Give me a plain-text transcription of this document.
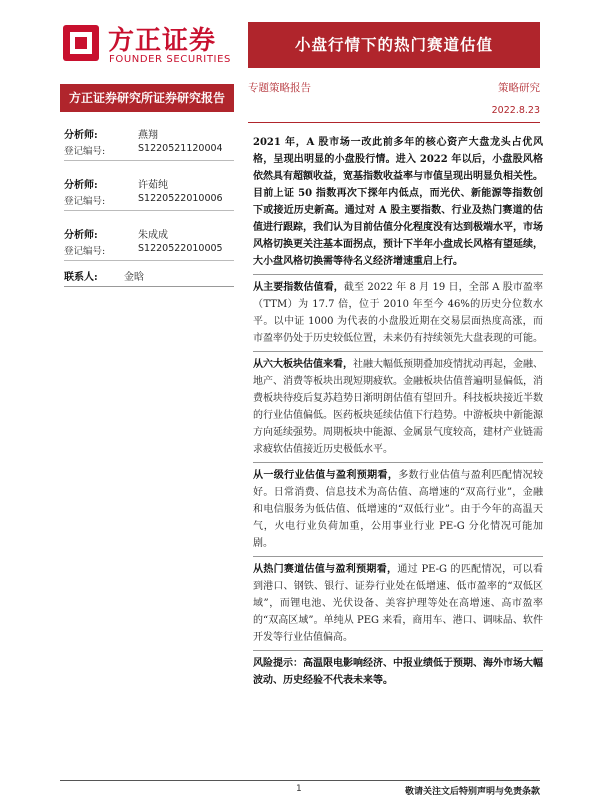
方正证券
FOUNDER SECURITIES
小盘行情下的热门赛道估值
方正证券研究所证券研究报告
专题策略报告	策略研究
2022.8.23
分析师:	燕翔
登记编号:	S1220521120004
分析师:	许茹纯
登记编号:	S1220522010006
分析师:	朱成成
登记编号:	S1220522010005
联系人:	金晗

2021 年，A 股市场一改此前多年的核心资产大盘龙头占优风格，呈现出明显的小盘股行情。进入 2022 年以后，小盘股风格依然具有超额收益，宽基指数收益率与市值呈现出明显负相关性。目前上证 50 指数再次下探年内低点，而光伏、新能源等指数创下或接近历史新高。通过对 A 股主要指数、行业及热门赛道的估值进行跟踪，我们认为目前估值分化程度没有达到极端水平，市场风格切换更关注基本面拐点，预计下半年小盘成长风格有望延续，大小盘风格切换需等待名义经济增速重启上行。

从主要指数估值看，截至 2022 年 8 月 19 日，全部 A 股市盈率（TTM）为 17.7 倍，位于 2010 年至今 46%的历史分位数水平。以中证 1000 为代表的小盘股近期在交易层面热度高涨，而市盈率仍处于历史较低位置，未来仍有持续领先大盘表现的可能。

从六大板块估值来看，社融大幅低预期叠加疫情扰动再起，金融、地产、消费等板块出现短期疲软。金融板块估值普遍明显偏低，消费板块待疫后复苏趋势日渐明朗估值有望回升。科技板块接近半数的行业估值偏低。医药板块延续估值下行趋势。中游板块中新能源方向延续强势。周期板块中能源、金属景气度较高，建材产业链需求疲软估值接近历史极低水平。

从一级行业估值与盈利预期看，多数行业估值与盈利匹配情况较好。日常消费、信息技术为高估值、高增速的“双高行业”，金融和电信服务为低估值、低增速的“双低行业”。由于今年的高温天气，火电行业负荷加重，公用事业行业 PE-G 分化情况可能加剧。

从热门赛道估值与盈利预期看，通过 PE-G 的匹配情况，可以看到港口、钢铁、银行、证券行业处在低增速、低市盈率的“双低区域”，而锂电池、光伏设备、美容护理等处在高增速、高市盈率的“双高区域”。单纯从 PEG 来看，商用车、港口、调味品、软件开发等行业估值偏高。

风险提示：高温限电影响经济、中报业绩低于预期、海外市场大幅波动、历史经验不代表未来等。

1	敬请关注文后特别声明与免责条款
